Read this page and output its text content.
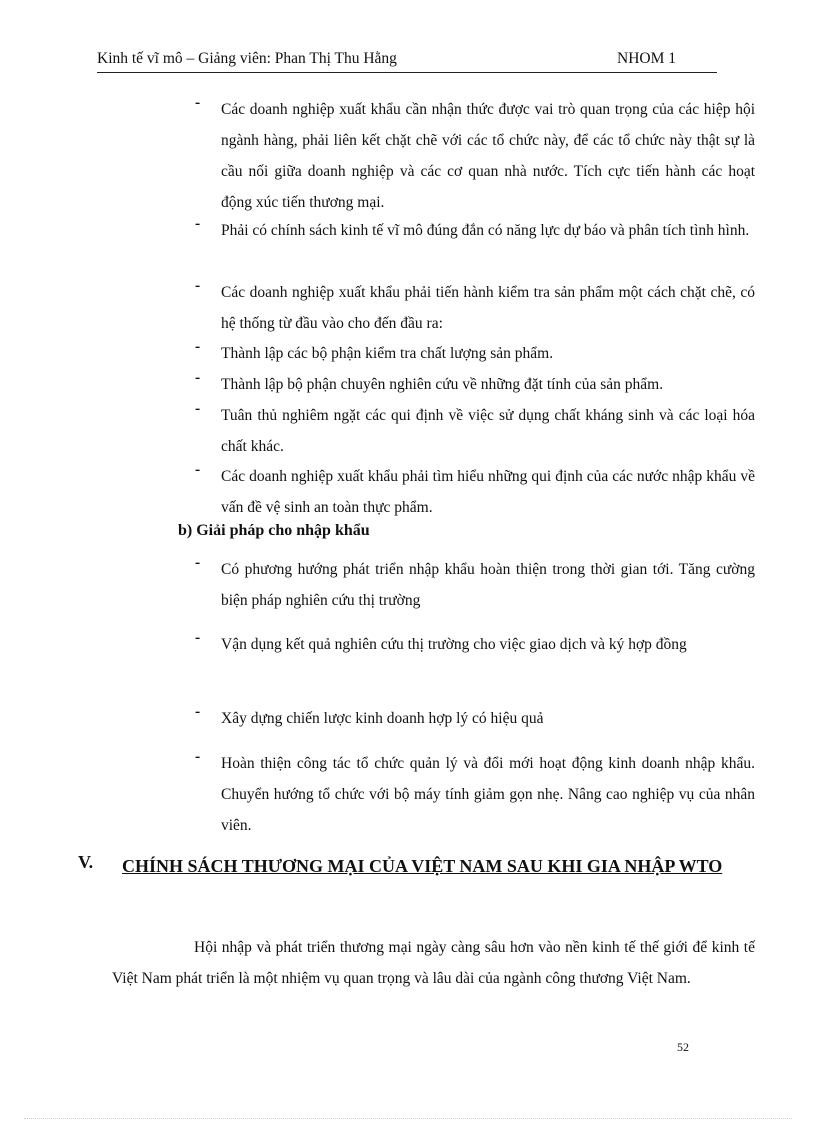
Kinh tế vĩ mô – Giảng viên: Phan Thị Thu Hằng	NHOM 1
-	Các doanh nghiệp xuất khẩu cần nhận thức được vai trò quan trọng của các hiệp hội ngành hàng, phải liên kết chặt chẽ với các tổ chức này, để các tổ chức này thật sự là cầu nối giữa doanh nghiệp và các cơ quan nhà nước. Tích cực tiến hành các hoạt động xúc tiến thương mại.
-	Phải có chính sách kinh tế vĩ mô đúng đắn có năng lực dự báo và phân tích tình hình.
-	Các doanh nghiệp xuất khẩu phải tiến hành kiểm tra sản phẩm một cách chặt chẽ, có hệ thống từ đầu vào cho đến đầu ra:
-	Thành lập các bộ phận kiểm tra chất lượng sản phẩm.
-	Thành lập bộ phận chuyên nghiên cứu về những đặt tính của sản phẩm.
-	Tuân thủ nghiêm ngặt các qui định về việc sử dụng chất kháng sinh và các loại hóa chất khác.
-	Các doanh nghiệp xuất khẩu phải tìm hiểu những qui định của các nước nhập khẩu về vấn đề vệ sinh an toàn thực phẩm.
b) Giải pháp cho nhập khẩu
-	Có phương hướng phát triển nhập khẩu hoàn thiện trong thời gian tới. Tăng cường biện pháp nghiên cứu thị trường
-	Vận dụng kết quả nghiên cứu thị trường cho việc giao dịch và ký hợp đồng
-	Xây dựng chiến lược kinh doanh hợp lý có hiệu quả
-	Hoàn thiện công tác tổ chức quản lý và đổi mới hoạt động kinh doanh nhập khẩu. Chuyển hướng tổ chức với bộ máy tính giảm gọn nhẹ. Nâng cao nghiệp vụ của nhân viên.
V. CHÍNH SÁCH THƯƠNG MẠI CỦA VIỆT NAM SAU KHI GIA NHẬP WTO
Hội nhập và phát triển thương mại ngày càng sâu hơn vào nền kinh tế thế giới để kinh tế Việt Nam phát triển là một nhiệm vụ quan trọng và lâu dài của ngành công thương Việt Nam.
52
